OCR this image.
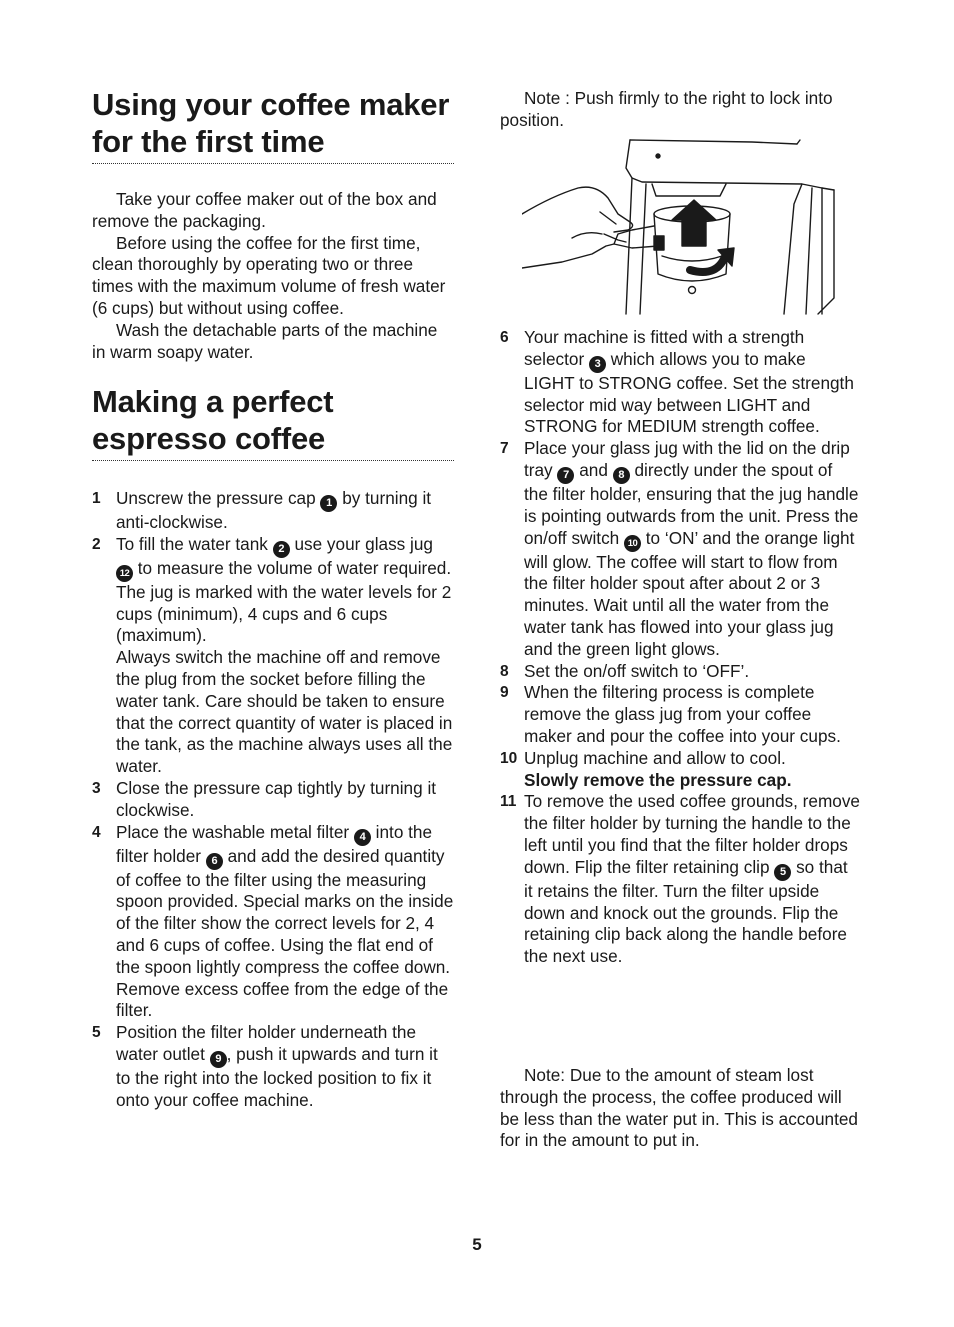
Using your coffee maker for the first time

Take your coffee maker out of the box and remove the packaging.

Before using the coffee for the first time, clean thoroughly by operating two or three times with the maximum volume of fresh water (6 cups) but without using coffee.

Wash the detachable parts of the machine in warm soapy water.

Making a perfect espresso coffee
1 Unscrew the pressure cap 1 by turning it anti-clockwise.
2 To fill the water tank 2 use your glass jug 12 to measure the volume of water required. The jug is marked with the water levels for 2 cups (minimum), 4 cups and 6 cups (maximum).
Always switch the machine off and remove the plug from the socket before filling the water tank. Care should be taken to ensure that the correct quantity of water is placed in the tank, as the machine always uses all the water.
3 Close the pressure cap tightly by turning it clockwise.
4 Place the washable metal filter 4 into the filter holder 6 and add the desired quantity of coffee to the filter using the measuring spoon provided. Special marks on the inside of the filter show the correct levels for 2, 4 and 6 cups of coffee. Using the flat end of the spoon lightly compress the coffee down. Remove excess coffee from the edge of the filter.
5 Position the filter holder underneath the water outlet 9 , push it upwards and turn it to the right into the locked position to fix it onto your coffee machine.

Note : Push firmly to the right to lock into position.

6 Your machine is fitted with a strength selector 3 which allows you to make LIGHT to STRONG coffee. Set the strength selector mid way between LIGHT and STRONG for MEDIUM strength coffee.
7 Place your glass jug with the lid on the drip tray 7 and 8 directly under the spout of the filter holder, ensuring that the jug handle is pointing outwards from the unit. Press the on/off switch 10 to ‘ON’ and the orange light will glow. The coffee will start to flow from the filter holder spout after about 2 or 3 minutes. Wait until all the water from the water tank has flowed into your glass jug and the green light glows.
8 Set the on/off switch to ‘OFF’.
9 When the filtering process is complete remove the glass jug from your coffee maker and pour the coffee into your cups.
10 Unplug machine and allow to cool.
Slowly remove the pressure cap.
11 To remove the used coffee grounds, remove the filter holder by turning the handle to the left until you find that the filter holder drops down. Flip the filter retaining clip 5 so that it retains the filter. Turn the filter upside down and knock out the grounds. Flip the retaining clip back along the handle before the next use.

Note: Due to the amount of steam lost through the process, the coffee produced will be less than the water put in. This is accounted for in the amount to put in.

5
